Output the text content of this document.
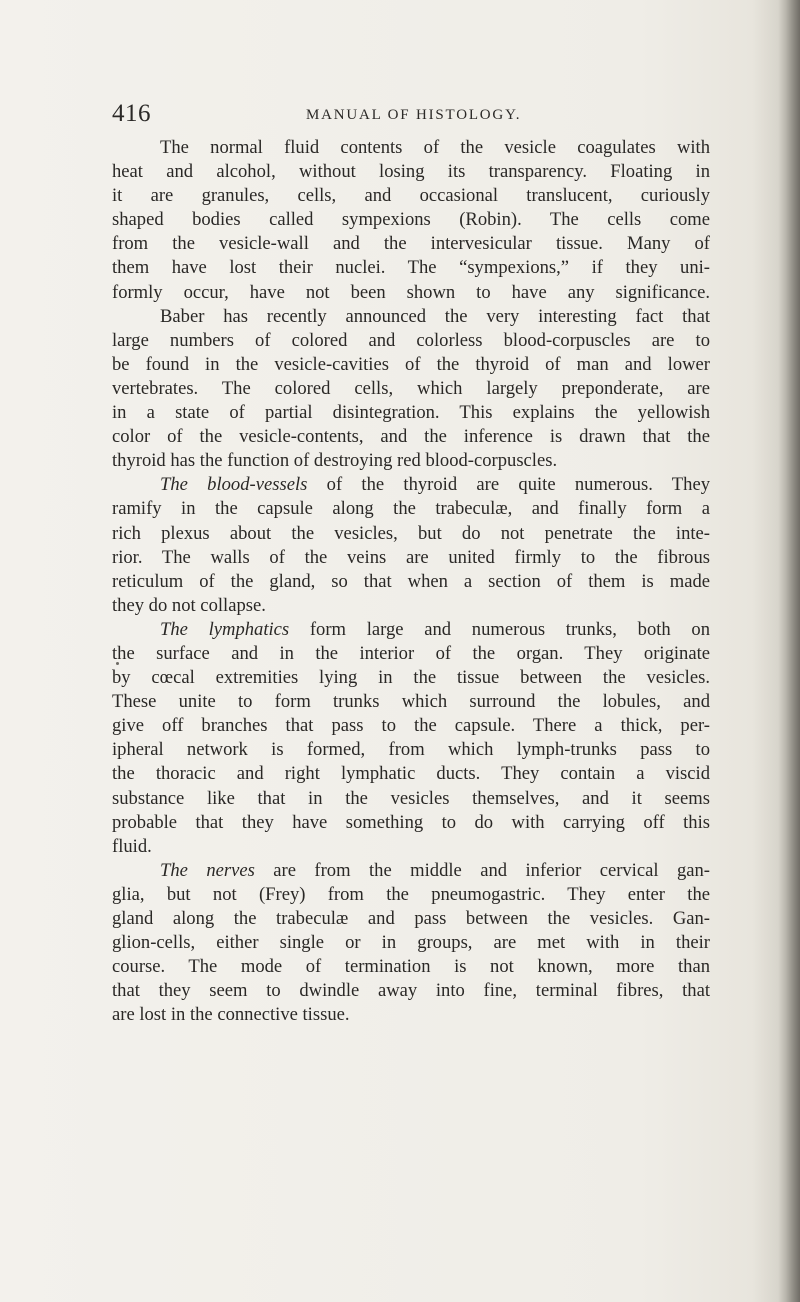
416	MANUAL OF HISTOLOGY.
The normal fluid contents of the vesicle coagulates with
heat and alcohol, without losing its transparency. Floating in
it are granules, cells, and occasional translucent, curiously
shaped bodies called sympexions (Robin). The cells come
from the vesicle-wall and the intervesicular tissue. Many of
them have lost their nuclei. The “sympexions,” if they uni-
formly occur, have not been shown to have any significance.
Baber has recently announced the very interesting fact that
large numbers of colored and colorless blood-corpuscles are to
be found in the vesicle-cavities of the thyroid of man and lower
vertebrates. The colored cells, which largely preponderate, are
in a state of partial disintegration. This explains the yellowish
color of the vesicle-contents, and the inference is drawn that the
thyroid has the function of destroying red blood-corpuscles.
The blood-vessels of the thyroid are quite numerous. They
ramify in the capsule along the trabeculæ, and finally form a
rich plexus about the vesicles, but do not penetrate the inte-
rior. The walls of the veins are united firmly to the fibrous
reticulum of the gland, so that when a section of them is made
they do not collapse.
The lymphatics form large and numerous trunks, both on
the surface and in the interior of the organ. They originate
by cœcal extremities lying in the tissue between the vesicles.
These unite to form trunks which surround the lobules, and
give off branches that pass to the capsule. There a thick, per-
ipheral network is formed, from which lymph-trunks pass to
the thoracic and right lymphatic ducts. They contain a viscid
substance like that in the vesicles themselves, and it seems
probable that they have something to do with carrying off this
fluid.
The nerves are from the middle and inferior cervical gan-
glia, but not (Frey) from the pneumogastric. They enter the
gland along the trabeculæ and pass between the vesicles. Gan-
glion-cells, either single or in groups, are met with in their
course. The mode of termination is not known, more than
that they seem to dwindle away into fine, terminal fibres, that
are lost in the connective tissue.
